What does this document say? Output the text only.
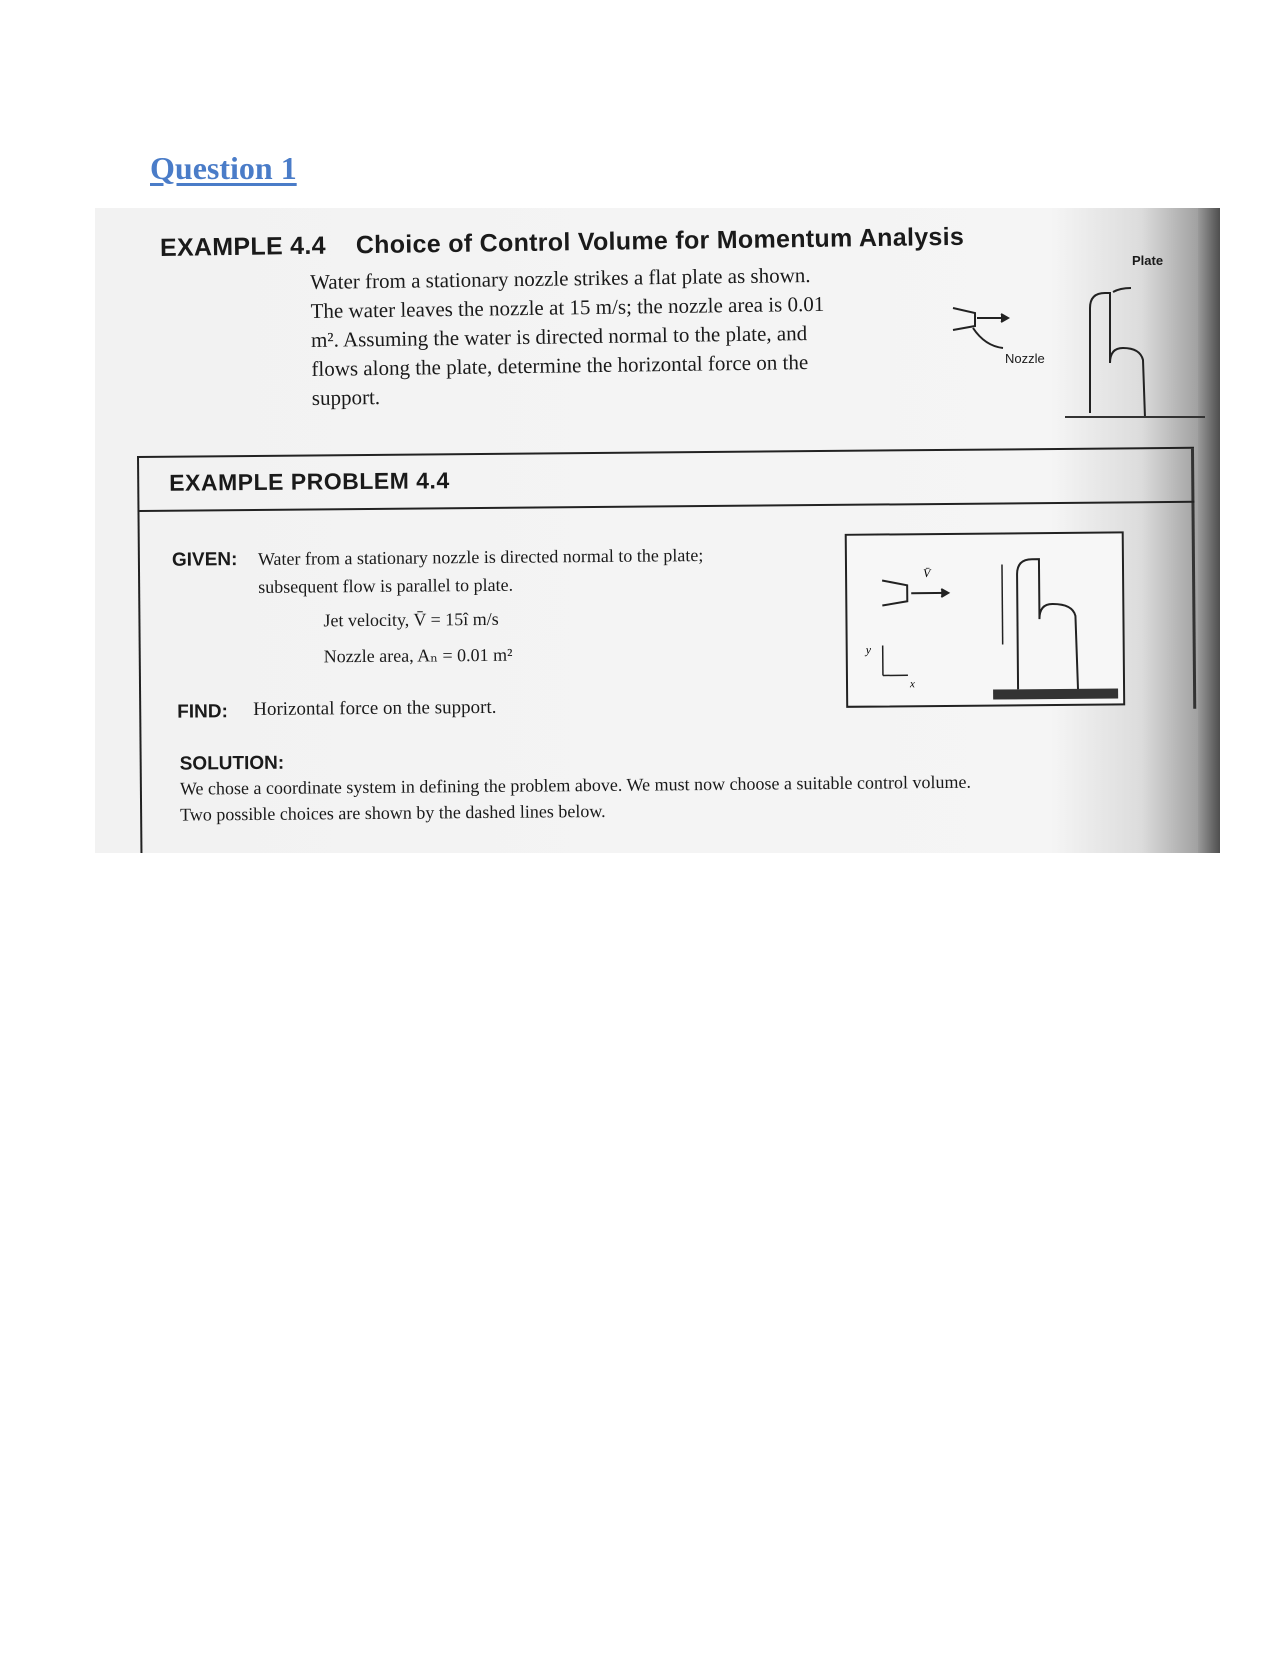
Question 1
EXAMPLE 4.4 Choice of Control Volume for Momentum Analysis

Water from a stationary nozzle strikes a flat plate as shown.

The water leaves the nozzle at 15 m/s; the nozzle area is 0.01

m². Assuming the water is directed normal to the plate, and

flows along the plate, determine the horizontal force on the

support.

Plate
Nozzle
EXAMPLE PROBLEM 4.4
GIVEN: Water from a stationary nozzle is directed normal to the plate;

subsequent flow is parallel to plate.

Jet velocity, V̄ = 15î m/s
Nozzle area, Aₙ = 0.01 m²
V̄
y
x
FIND: Horizontal force on the support.
SOLUTION:

We chose a coordinate system in defining the problem above. We must now choose a suitable control volume.

Two possible choices are shown by the dashed lines below.
